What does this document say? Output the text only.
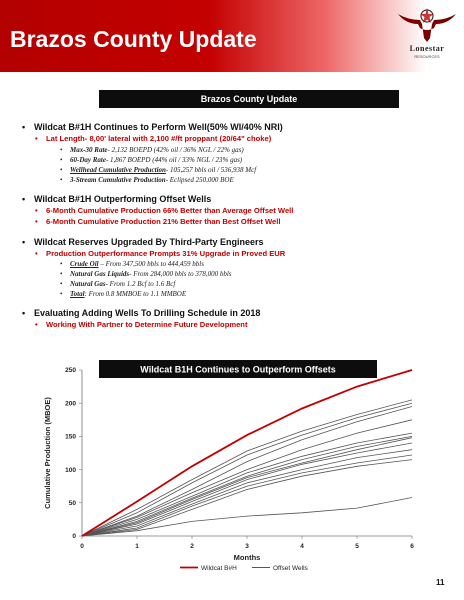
Brazos County Update	Lonestar
RESOURCES
Brazos County Update
• Wildcat B#1H Continues to Perform Well(50% WI/40% NRI)
• Lat Length- 8,00' lateral with 2,100 #/ft proppant (20/64" choke)
• Max-30 Rate- 2,132 BOEPD (42% oil / 36% NGL / 22% gas)
• 60-Day Rate- 1,867 BOEPD (44% oil / 33% NGL / 23% gas)
• Wellhead Cumulative Production- 105,257 bbls oil / 536,938 Mcf
• 3-Stream Cumulative Production- Eclipsed 250,000 BOE
• Wildcat B#1H Outperforming Offset Wells
• 6-Month Cumulative Production 66% Better than Average Offset Well
• 6-Month Cumulative Production 21% Better than Best Offset Well
• Wildcat Reserves Upgraded By Third-Party Engineers
• Production Outperformance Prompts 31% Upgrade in Proved EUR
• Crude Oil – From 347,500 bbls to 444,459 bbls
• Natural Gas Liquids- From 284,000 bbls to 378,000 bbls
• Natural Gas- From 1.2 Bcf to 1.6 Bcf
• Total: From 0.8 MMBOE to 1.1 MMBOE
• Evaluating Adding Wells To Drilling Schedule in 2018
• Working With Partner to Determine Future Development
Wildcat B1H Continues to Outperform Offsets
0	1	2	3	4	5	6
0
50
100
150
200
250
Months
Cumulative Production (MBOE)
Wildcat B#H	Offset Wells
11
